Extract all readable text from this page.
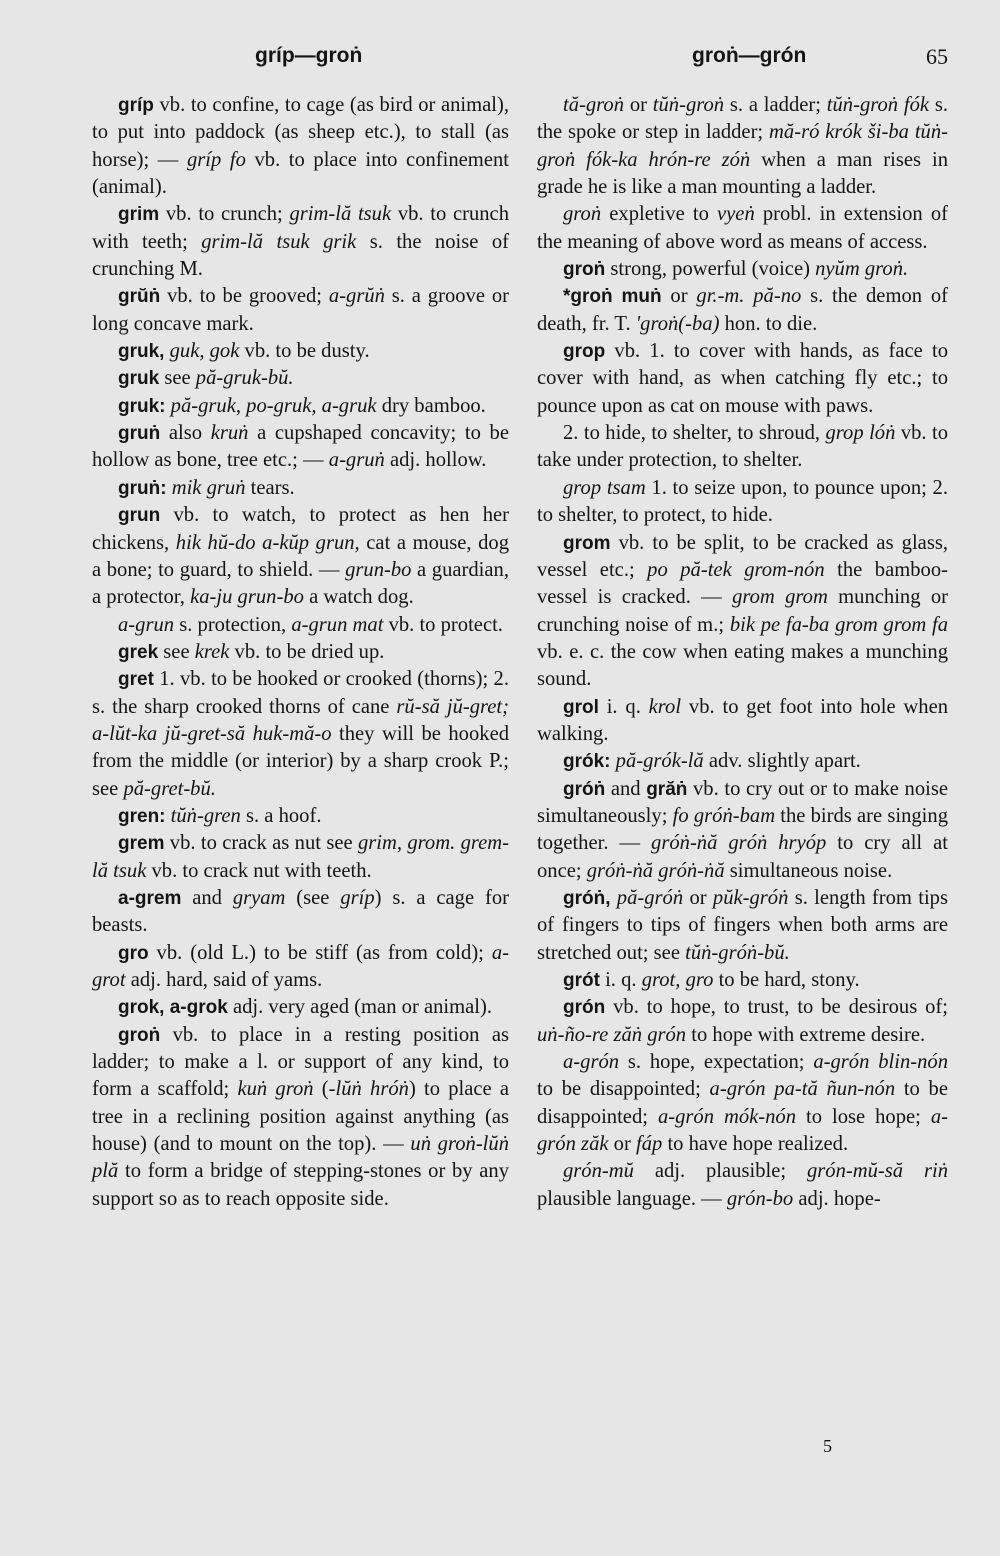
gríp—groṅ	groṅ—grón	65

gríp vb. to confine, to cage (as bird or animal), to put into paddock (as sheep etc.), to stall (as horse); — gríp fo vb. to place into confinement (animal).

grim vb. to crunch; grim-lă tsuk vb. to crunch with teeth; grim-lă tsuk grik s. the noise of crunching M.

grŭṅ vb. to be grooved; a-grŭṅ s. a groove or long concave mark.

gruk, guk, gok vb. to be dusty.

gruk see pă-gruk-bŭ.

gruk: pă-gruk, po-gruk, a-gruk dry bamboo.

gruṅ also kruṅ a cupshaped concavity; to be hollow as bone, tree etc.; — a-gruṅ adj. hollow.

gruṅ: mik gruṅ tears.

grun vb. to watch, to protect as hen her chickens, hik hŭ-do a-kŭp grun, cat a mouse, dog a bone; to guard, to shield. — grun-bo a guardian, a protector, ka-ju grun-bo a watch dog.

a-grun s. protection, a-grun mat vb. to protect.

grek see krek vb. to be dried up.

gret 1. vb. to be hooked or crooked (thorns); 2. s. the sharp crooked thorns of cane rŭ-să jŭ-gret; a-lŭt-ka jŭ-gret-să huk-mă-o they will be hooked from the middle (or interior) by a sharp crook P.; see pă-gret-bŭ.

gren: tŭṅ-gren s. a hoof.

grem vb. to crack as nut see grim, grom. grem-lă tsuk vb. to crack nut with teeth.

a-grem and gryam (see gríp) s. a cage for beasts.

gro vb. (old L.) to be stiff (as from cold); a-grot adj. hard, said of yams.

grok, a-grok adj. very aged (man or animal).

groṅ vb. to place in a resting position as ladder; to make a l. or support of any kind, to form a scaffold; kuṅ groṅ (-lŭṅ hróṅ) to place a tree in a reclining position against anything (as house) (and to mount on the top). — uṅ groṅ-lŭṅ plă to form a bridge of stepping-stones or by any support so as to reach opposite side.

tă-groṅ or tŭṅ-groṅ s. a ladder; tŭṅ-groṅ fók s. the spoke or step in ladder; mă-ró krók ši-ba tŭṅ-groṅ fók-ka hrón-re zóṅ when a man rises in grade he is like a man mounting a ladder.

groṅ expletive to vyeṅ probl. in extension of the meaning of above word as means of access.

groṅ strong, powerful (voice) nyŭm groṅ.

*groṅ muṅ or gr.-m. pă-no s. the demon of death, fr. T. 'groṅ(-ba) hon. to die.

grop vb. 1. to cover with hands, as face to cover with hand, as when catching fly etc.; to pounce upon as cat on mouse with paws.

2. to hide, to shelter, to shroud, grop lóṅ vb. to take under protection, to shelter.

grop tsam 1. to seize upon, to pounce upon; 2. to shelter, to protect, to hide.

grom vb. to be split, to be cracked as glass, vessel etc.; po pă-tek grom-nón the bamboo-vessel is cracked. — grom grom munching or crunching noise of m.; bik pe fa-ba grom grom fa vb. e. c. the cow when eating makes a munching sound.

grol i. q. krol vb. to get foot into hole when walking.

grók: pă-grók-lă adv. slightly apart.

gróṅ and grăṅ vb. to cry out or to make noise simultaneously; fo gróṅ-bam the birds are singing together. — gróṅ-ṅă gróṅ hryóp to cry all at once; gróṅ-ṅă gróṅ-ṅă simultaneous noise.

gróṅ, pă-gróṅ or pŭk-gróṅ s. length from tips of fingers to tips of fingers when both arms are stretched out; see tŭṅ-gróṅ-bŭ.

grót i. q. grot, gro to be hard, stony.

grón vb. to hope, to trust, to be desirous of; uṅ-ño-re zăṅ grón to hope with extreme desire.

a-grón s. hope, expectation; a-grón blin-nón to be disappointed; a-grón pa-tă ñun-nón to be disappointed; a-grón mók-nón to lose hope; a-grón zăk or fáp to have hope realized.

grón-mŭ adj. plausible; grón-mŭ-să riṅ plausible language. — grón-bo adj. hope-

5
